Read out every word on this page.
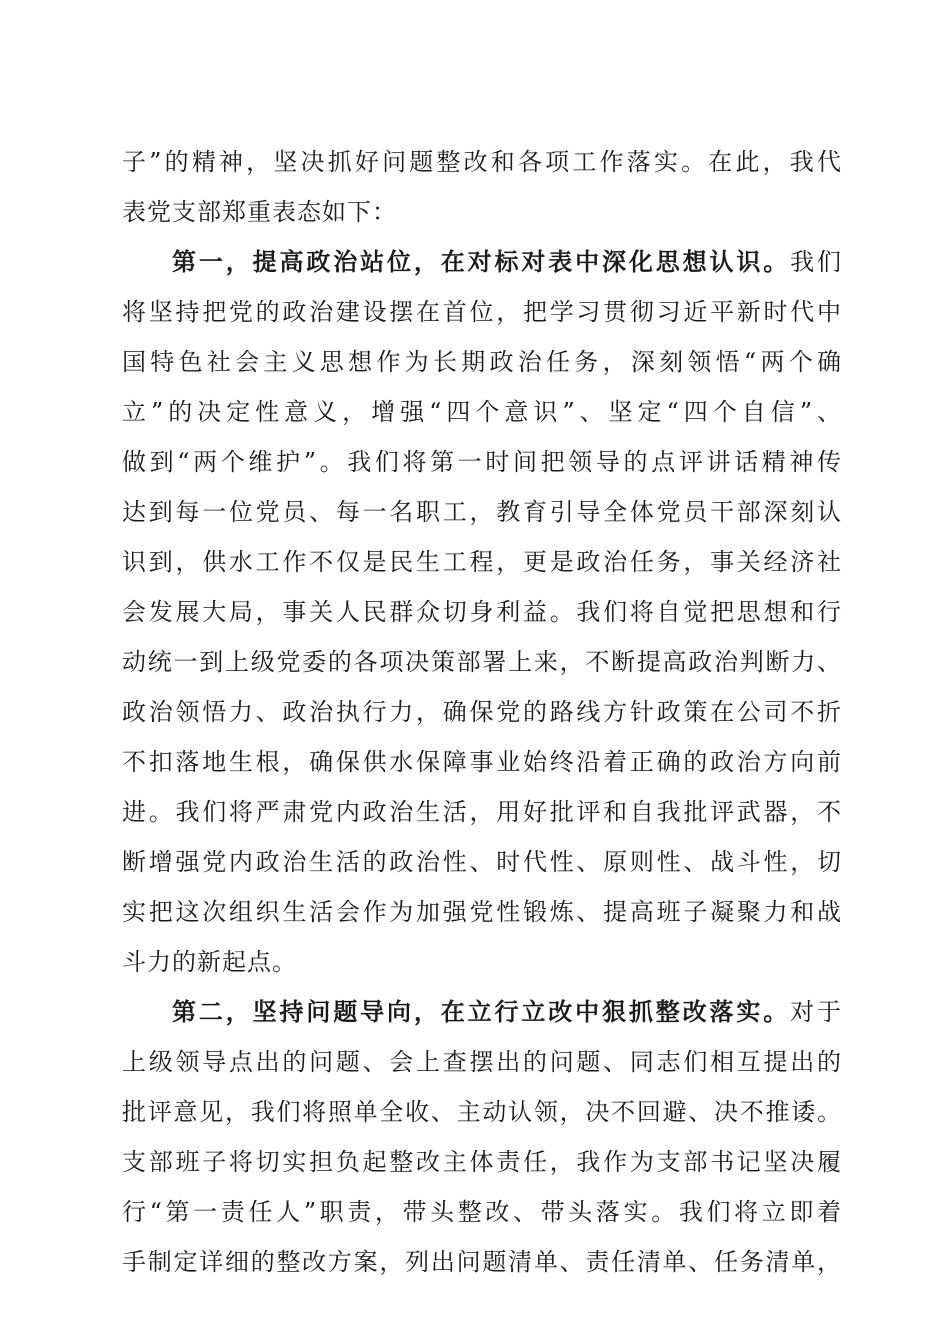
子”的精神，坚决抓好问题整改和各项工作落实。在此，我代
表党支部郑重表态如下：
第一，提高政治站位，在对标对表中深化思想认识。我们
将坚持把党的政治建设摆在首位，把学习贯彻习近平新时代中
国特色社会主义思想作为长期政治任务，深刻领悟“两个确
立”的决定性意义，增强“四个意识”、坚定“四个自信”、
做到“两个维护”。我们将第一时间把领导的点评讲话精神传
达到每一位党员、每一名职工，教育引导全体党员干部深刻认
识到，供水工作不仅是民生工程，更是政治任务，事关经济社
会发展大局，事关人民群众切身利益。我们将自觉把思想和行
动统一到上级党委的各项决策部署上来，不断提高政治判断力、
政治领悟力、政治执行力，确保党的路线方针政策在公司不折
不扣落地生根，确保供水保障事业始终沿着正确的政治方向前
进。我们将严肃党内政治生活，用好批评和自我批评武器，不
断增强党内政治生活的政治性、时代性、原则性、战斗性，切
实把这次组织生活会作为加强党性锻炼、提高班子凝聚力和战
斗力的新起点。
第二，坚持问题导向，在立行立改中狠抓整改落实。对于
上级领导点出的问题、会上查摆出的问题、同志们相互提出的
批评意见，我们将照单全收、主动认领，决不回避、决不推诿。
支部班子将切实担负起整改主体责任，我作为支部书记坚决履
行“第一责任人”职责，带头整改、带头落实。我们将立即着
手制定详细的整改方案，列出问题清单、责任清单、任务清单，
